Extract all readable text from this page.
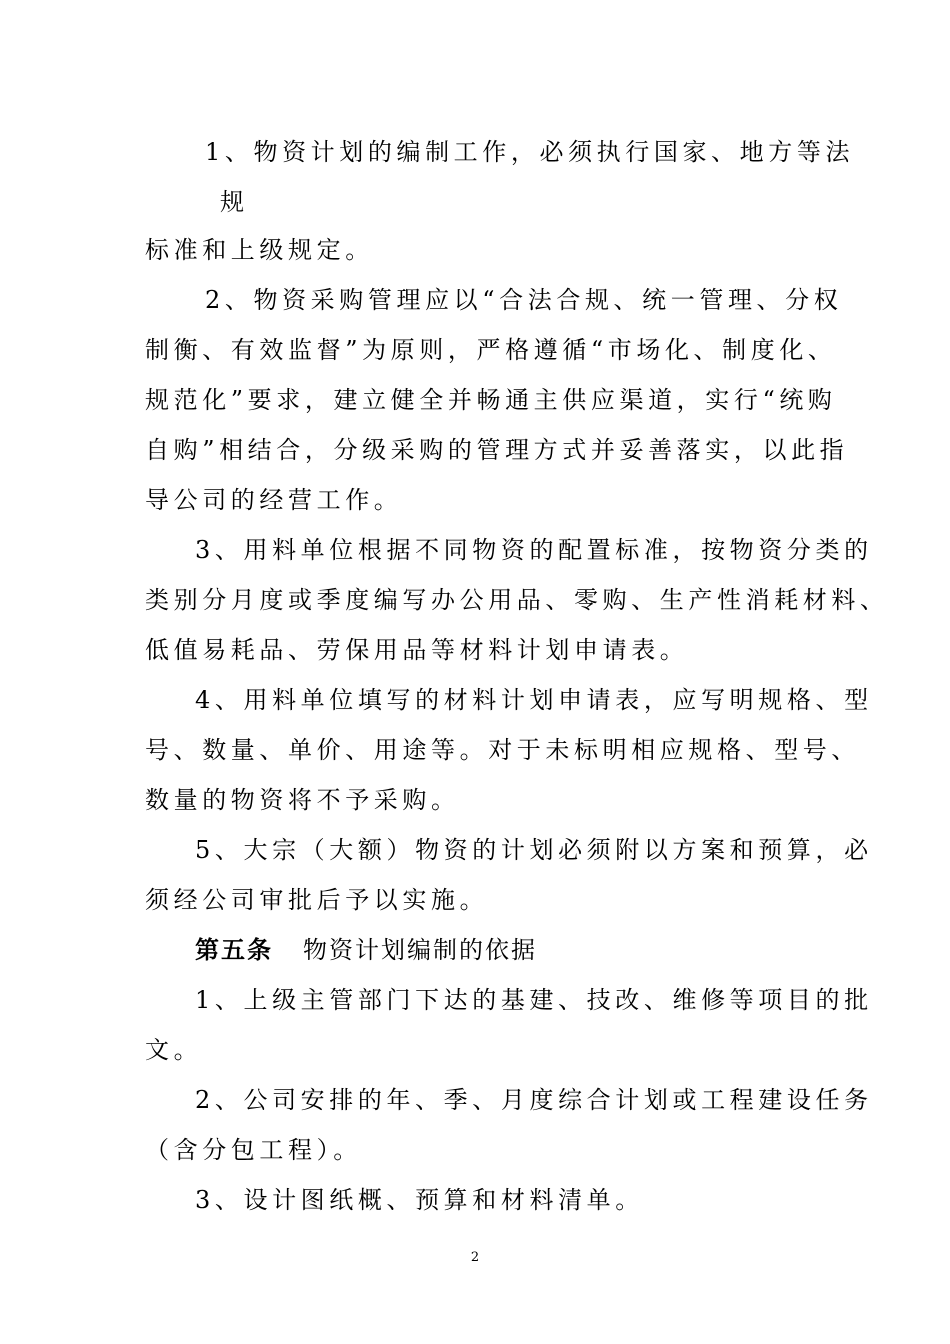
1、物资计划的编制工作，必须执行国家、地方等法
规
标准和上级规定。
2、物资采购管理应以“合法合规、统一管理、分权
制衡、有效监督”为原则，严格遵循“市场化、制度化、
规范化”要求，建立健全并畅通主供应渠道，实行“统购
自购”相结合，分级采购的管理方式并妥善落实，以此指
导公司的经营工作。
3、用料单位根据不同物资的配置标准，按物资分类的
类别分月度或季度编写办公用品、零购、生产性消耗材料、
低值易耗品、劳保用品等材料计划申请表。
4、用料单位填写的材料计划申请表，应写明规格、型
号、数量、单价、用途等。对于未标明相应规格、型号、
数量的物资将不予采购。
5、大宗（大额）物资的计划必须附以方案和预算，必
须经公司审批后予以实施。
第五条 物资计划编制的依据
1、上级主管部门下达的基建、技改、维修等项目的批
文。
2、公司安排的年、季、月度综合计划或工程建设任务
（含分包工程）。
3、设计图纸概、预算和材料清单。
2
